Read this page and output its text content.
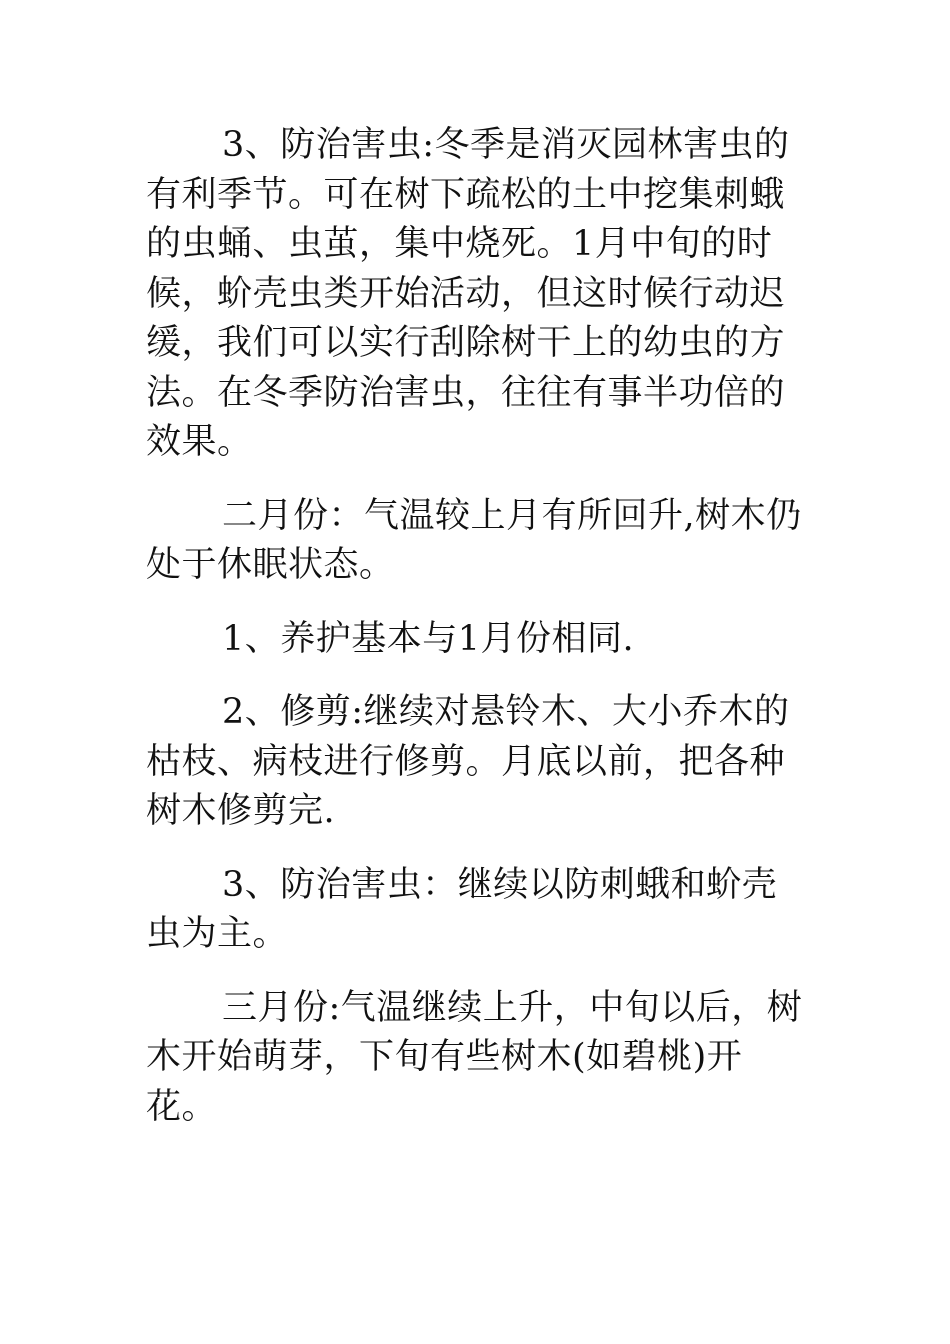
3、防治害虫:冬季是消灭园林害虫的有利季节。可在树下疏松的土中挖集刺蛾的虫蛹、虫茧，集中烧死。1月中旬的时候，蚧壳虫类开始活动，但这时候行动迟缓，我们可以实行刮除树干上的幼虫的方法。在冬季防治害虫，往往有事半功倍的效果。

二月份：气温较上月有所回升,树木仍处于休眠状态。

1、养护基本与1月份相同.

2、修剪:继续对悬铃木、大小乔木的枯枝、病枝进行修剪。月底以前，把各种树木修剪完.

3、防治害虫：继续以防刺蛾和蚧壳虫为主。

三月份:气温继续上升，中旬以后，树木开始萌芽，下旬有些树木(如碧桃)开花。
